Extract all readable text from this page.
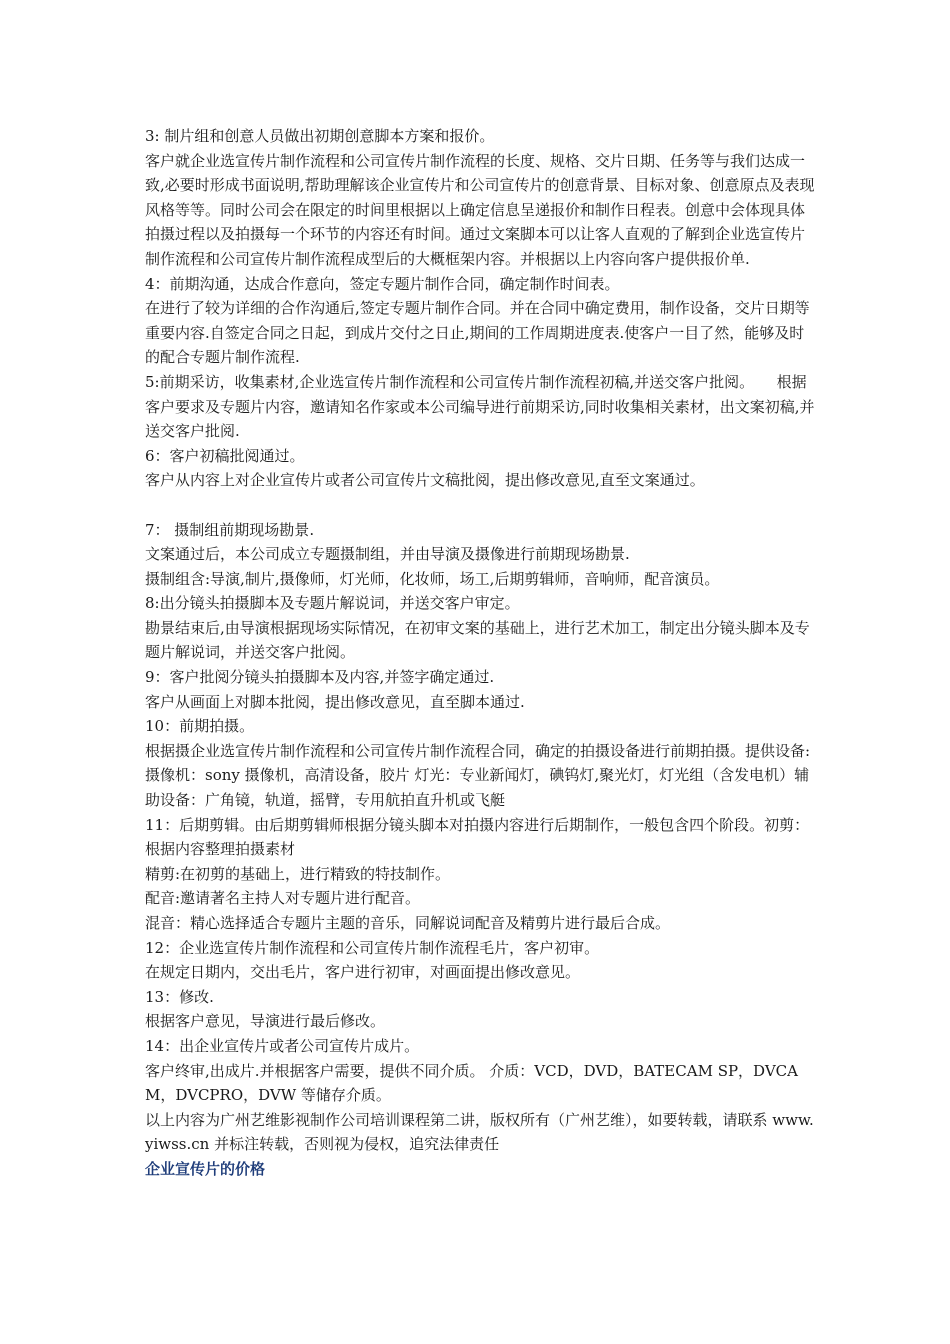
3: 制片组和创意人员做出初期创意脚本方案和报价。

客户就企业选宣传片制作流程和公司宣传片制作流程的长度、规格、交片日期、任务等与我们达成一致,必要时形成书面说明,帮助理解该企业宣传片和公司宣传片的创意背景、目标对象、创意原点及表现风格等等。同时公司会在限定的时间里根据以上确定信息呈递报价和制作日程表。创意中会体现具体拍摄过程以及拍摄每一个环节的内容还有时间。通过文案脚本可以让客人直观的了解到企业选宣传片制作流程和公司宣传片制作流程成型后的大概框架内容。并根据以上内容向客户提供报价单.

4：前期沟通，达成合作意向，签定专题片制作合同，确定制作时间表。

在进行了较为详细的合作沟通后,签定专题片制作合同。并在合同中确定费用，制作设备，交片日期等重要内容.自签定合同之日起，到成片交付之日止,期间的工作周期进度表.使客户一目了然，能够及时的配合专题片制作流程.

5:前期采访，收集素材,企业选宣传片制作流程和公司宣传片制作流程初稿,并送交客户批阅。　　根据客户要求及专题片内容，邀请知名作家或本公司编导进行前期采访,同时收集相关素材，出文案初稿,并送交客户批阅.

6：客户初稿批阅通过。

客户从内容上对企业宣传片或者公司宣传片文稿批阅，提出修改意见,直至文案通过。

7： 摄制组前期现场勘景.

文案通过后，本公司成立专题摄制组，并由导演及摄像进行前期现场勘景.

摄制组含:导演,制片,摄像师，灯光师，化妆师，场工,后期剪辑师，音响师，配音演员。

8:出分镜头拍摄脚本及专题片解说词，并送交客户审定。

勘景结束后,由导演根据现场实际情况，在初审文案的基础上，进行艺术加工，制定出分镜头脚本及专题片解说词，并送交客户批阅。

9：客户批阅分镜头拍摄脚本及内容,并签字确定通过.

客户从画面上对脚本批阅，提出修改意见，直至脚本通过.

10：前期拍摄。

根据摄企业选宣传片制作流程和公司宣传片制作流程合同，确定的拍摄设备进行前期拍摄。提供设备:摄像机：sony 摄像机，高清设备，胶片 灯光：专业新闻灯，碘钨灯,聚光灯，灯光组（含发电机）辅助设备：广角镜，轨道，摇臂，专用航拍直升机或飞艇

11：后期剪辑。由后期剪辑师根据分镜头脚本对拍摄内容进行后期制作，一般包含四个阶段。初剪：根据内容整理拍摄素材

精剪:在初剪的基础上，进行精致的特技制作。

配音:邀请著名主持人对专题片进行配音。

混音：精心选择适合专题片主题的音乐，同解说词配音及精剪片进行最后合成。

12：企业选宣传片制作流程和公司宣传片制作流程毛片，客户初审。

在规定日期内，交出毛片，客户进行初审，对画面提出修改意见。

13：修改.

根据客户意见，导演进行最后修改。

14：出企业宣传片或者公司宣传片成片。

客户终审,出成片.并根据客户需要，提供不同介质。 介质：VCD，DVD，BATECAM SP，DVCAM，DVCPRO，DVW 等储存介质。

以上内容为广州艺维影视制作公司培训课程第二讲，版权所有（广州艺维），如要转载，请联系 www.yiwss.cn 并标注转载，否则视为侵权，追究法律责任

企业宣传片的价格
